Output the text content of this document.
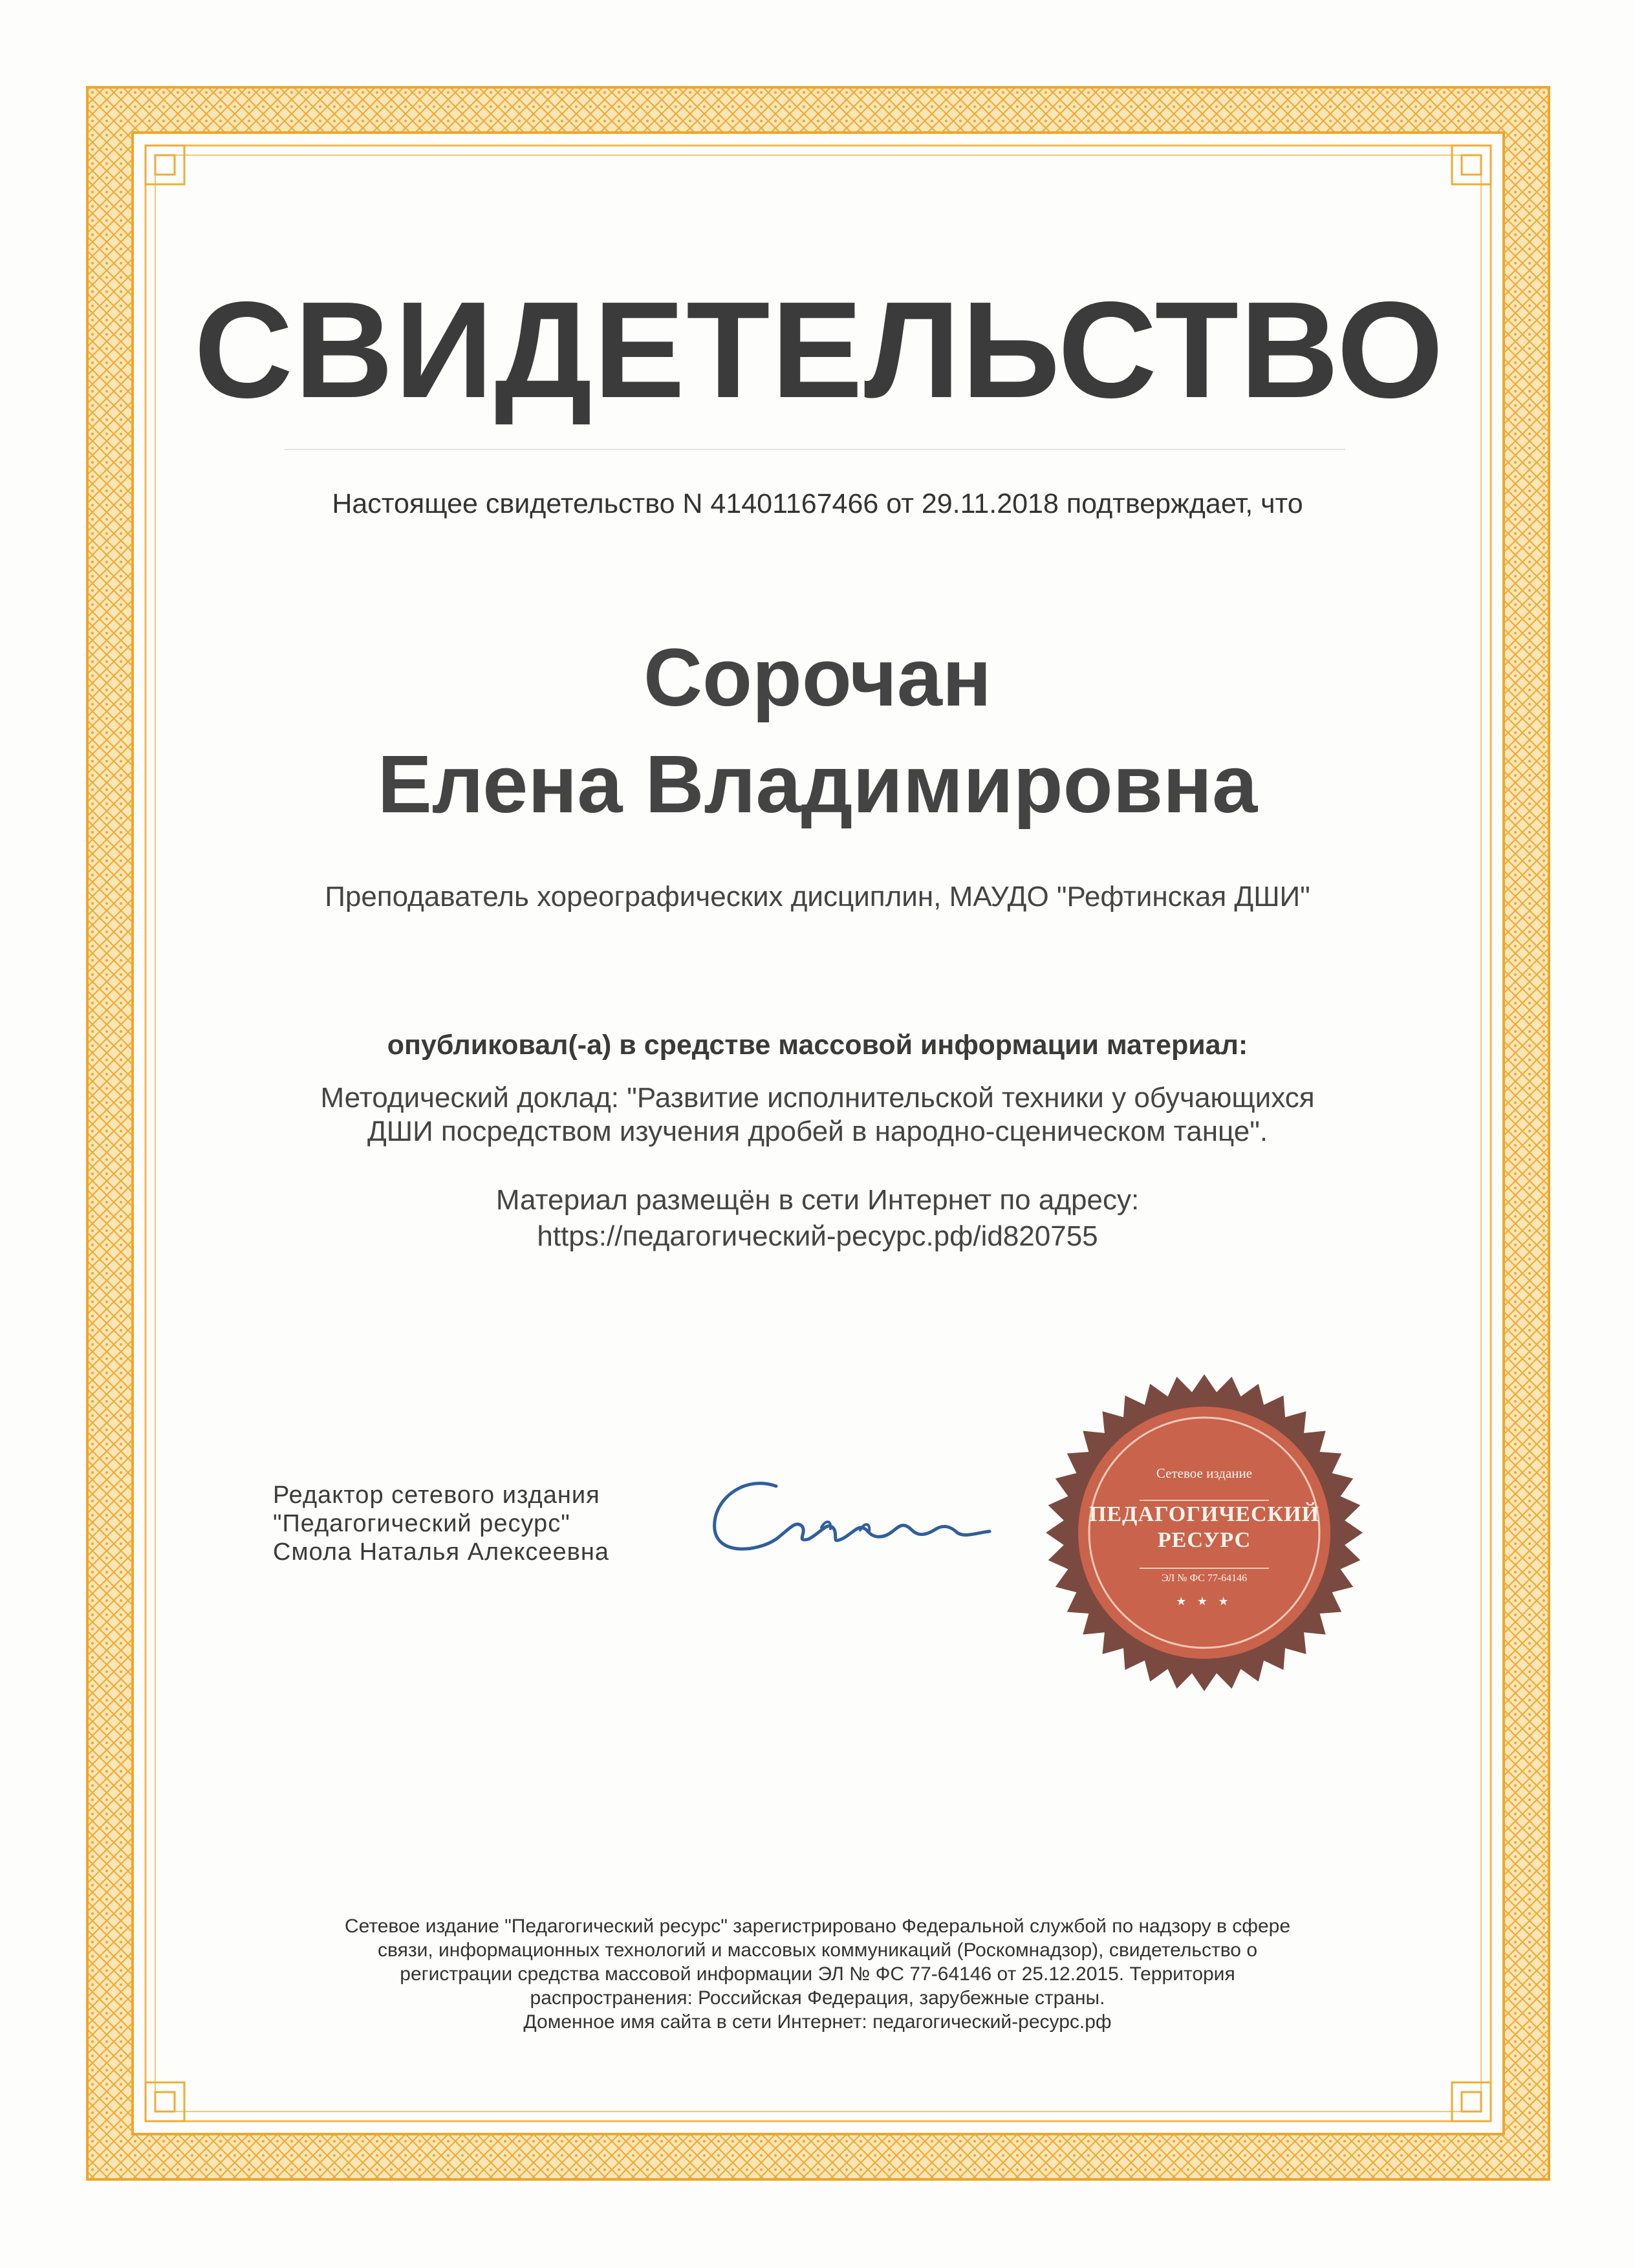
СВИДЕТЕЛЬСТВО
Настоящее свидетельство N 41401167466 от 29.11.2018 подтверждает, что
Сорочан
Елена Владимировна
Преподаватель хореографических дисциплин, МАУДО "Рефтинская ДШИ"
опубликовал(-а) в средстве массовой информации материал:
Методический доклад: "Развитие исполнительской техники у обучающихся
ДШИ посредством изучения дробей в народно-сценическом танце".
Материал размещён в сети Интернет по адресу:
https://педагогический-ресурс.рф/id820755
Редактор сетевого издания
"Педагогический ресурс"
Смола Наталья Алексеевна
Сетевое издание
ПЕДАГОГИЧЕСКИЙ
РЕСУРС
ЭЛ № ФС 77-64146
★ ★ ★
Сетевое издание "Педагогический ресурс" зарегистрировано Федеральной службой по надзору в сфере
связи, информационных технологий и массовых коммуникаций (Роскомнадзор), свидетельство о
регистрации средства массовой информации ЭЛ № ФС 77-64146 от 25.12.2015. Территория
распространения: Российская Федерация, зарубежные страны.
Доменное имя сайта в сети Интернет: педагогический-ресурс.рф
